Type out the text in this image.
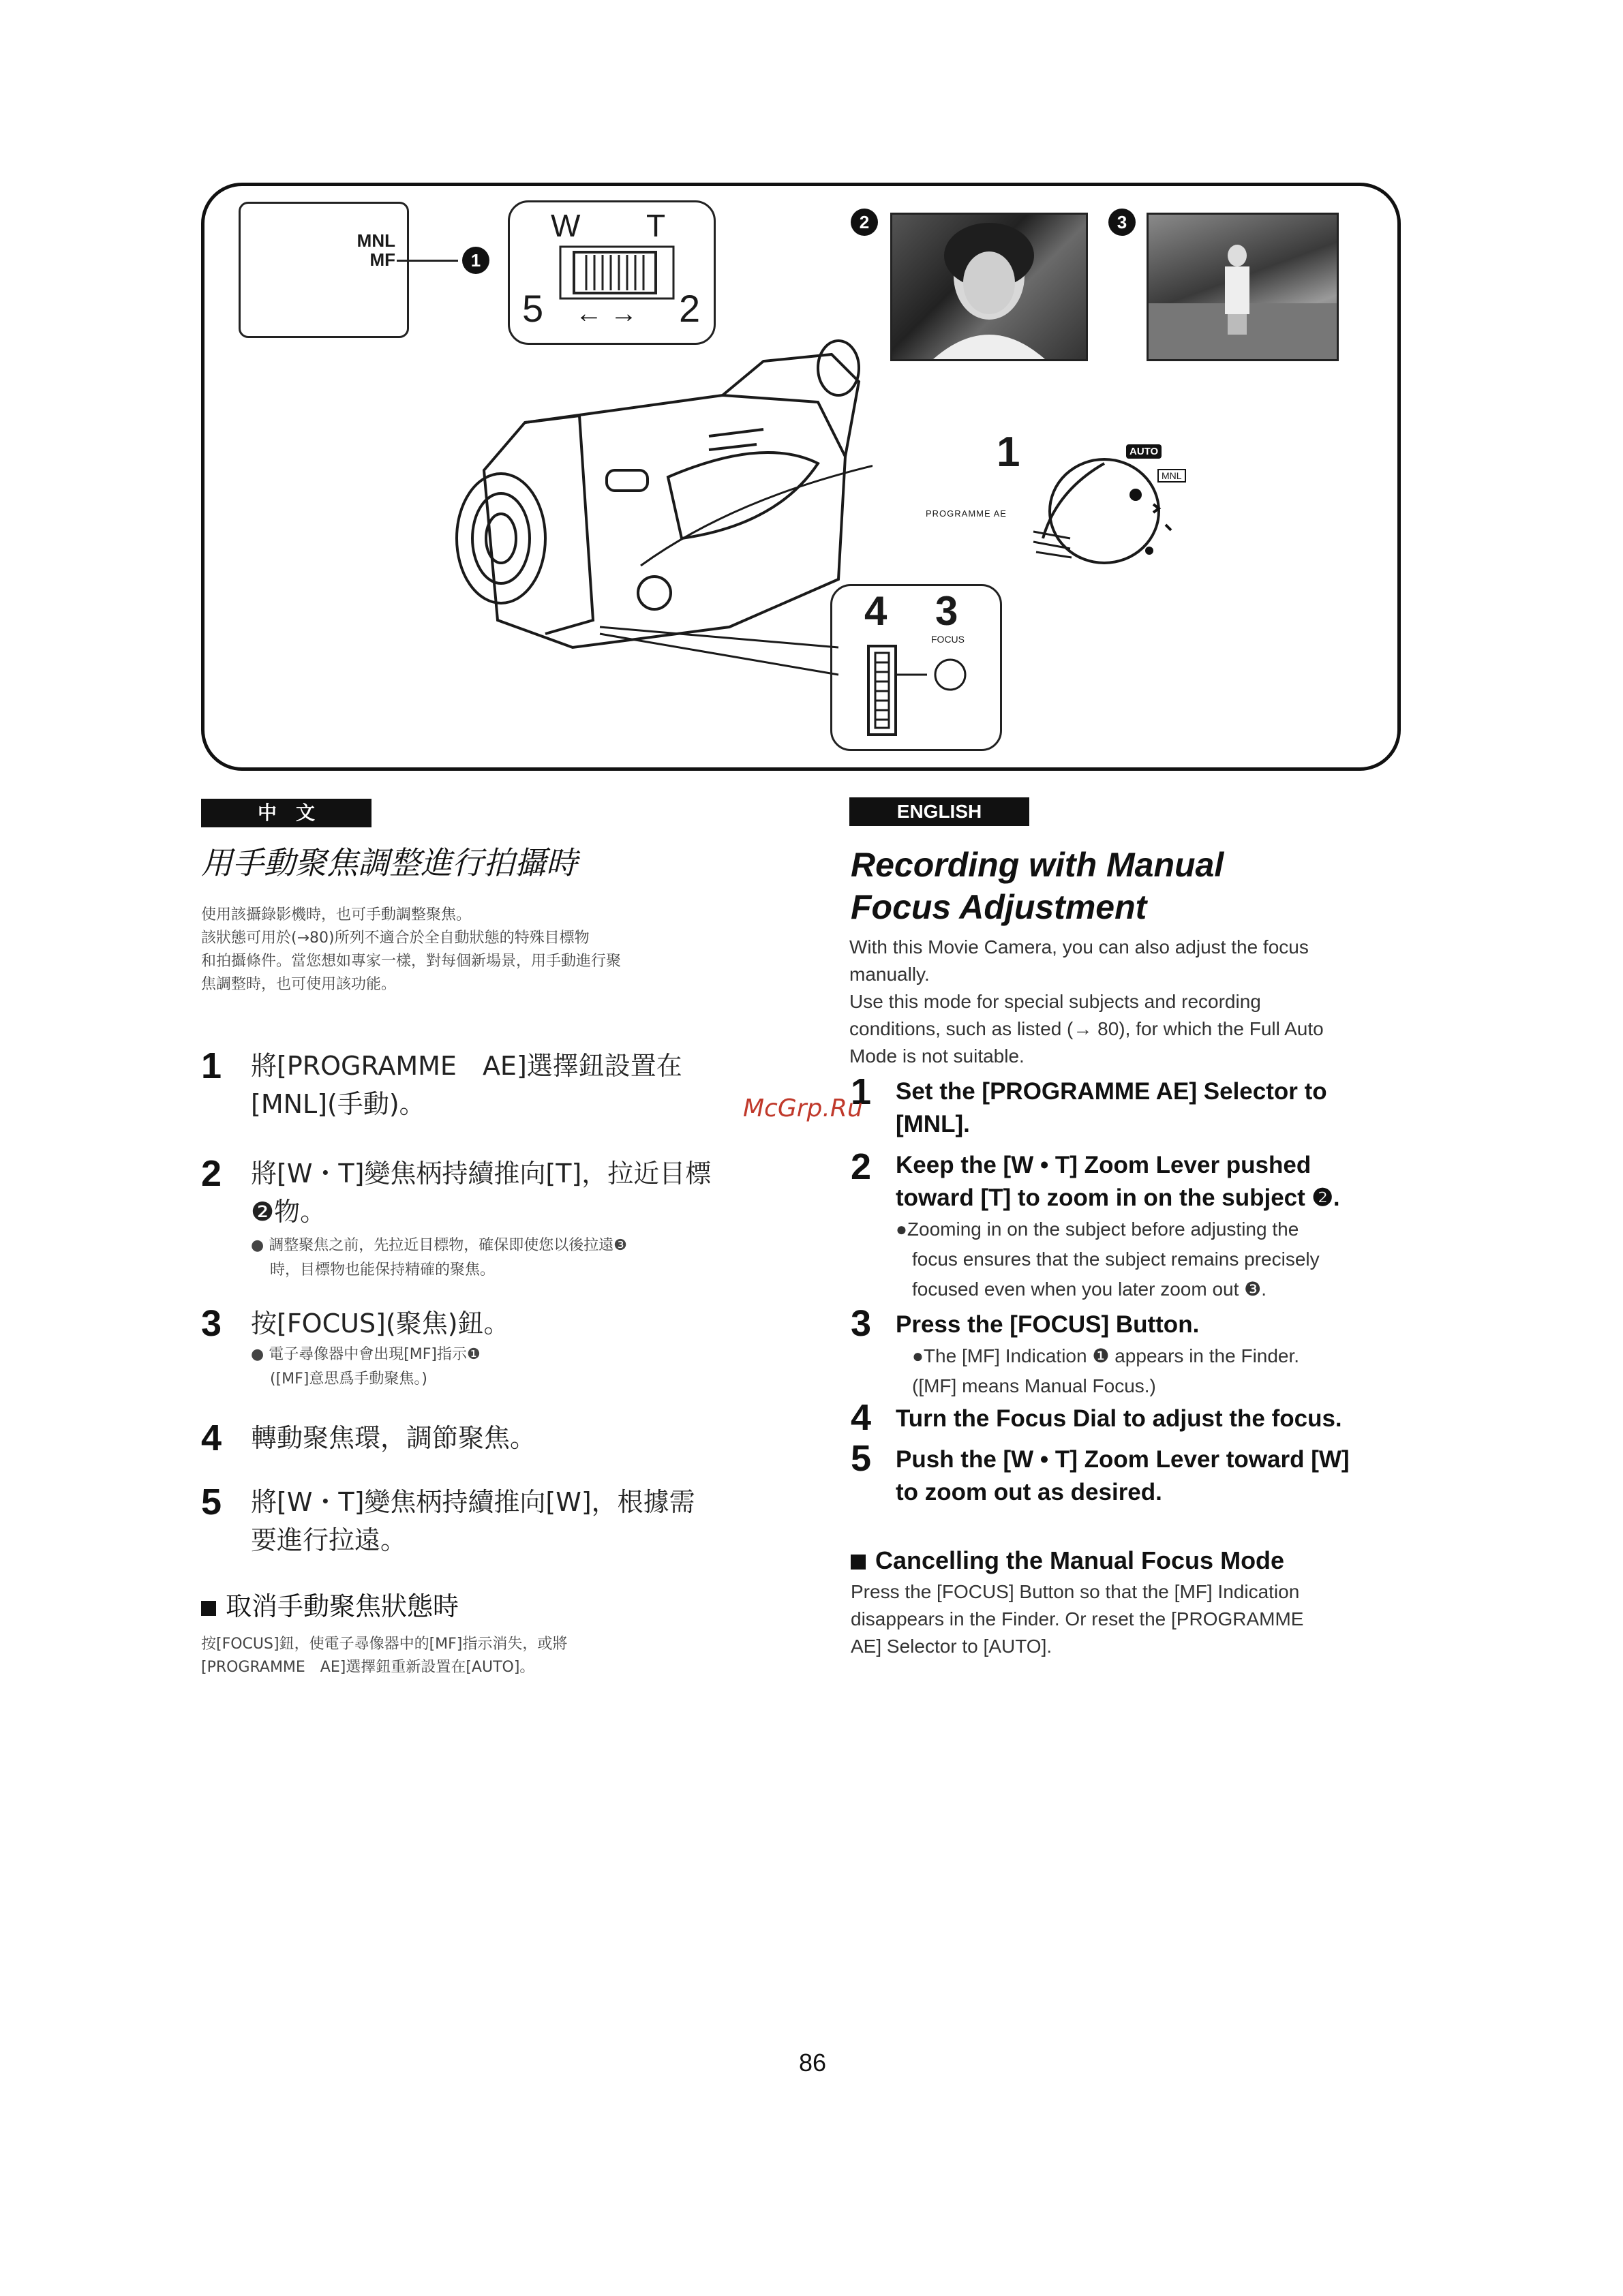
MNL
MF	1
W T
5 ← → 2
2	3
1
PROGRAMME AE
AUTO
MNL
4 3
FOCUS
中　文
用手動聚焦調整進行拍攝時
使用該攝錄影機時，也可手動調整聚焦。
該狀態可用於(→80)所列不適合於全自動狀態的特殊目標物
和拍攝條件。當您想如專家一樣，對每個新場景，用手動進行聚
焦調整時，也可使用該功能。
1 將[PROGRAMME　AE]選擇鈕設置在
[MNL](手動)。
2 將[W・T]變焦柄持續推向[T]，拉近目標
❷物。
● 調整聚焦之前，先拉近目標物，確保即使您以後拉遠❸
時，目標物也能保持精確的聚焦。
3 按[FOCUS](聚焦)鈕。
● 電子尋像器中會出現[MF]指示❶
([MF]意思爲手動聚焦。)
4 轉動聚焦環，調節聚焦。
5 將[W・T]變焦柄持續推向[W]，根據需
要進行拉遠。
取消手動聚焦狀態時
按[FOCUS]鈕，使電子尋像器中的[MF]指示消失，或將
[PROGRAMME　AE]選擇鈕重新設置在[AUTO]。
ENGLISH
Recording with Manual
Focus Adjustment
With this Movie Camera, you can also adjust the focus
manually.
Use this mode for special subjects and recording
conditions, such as listed (→ 80), for which the Full Auto
Mode is not suitable.
1 Set the [PROGRAMME AE] Selector to
[MNL].
2 Keep the [W • T] Zoom Lever pushed
toward [T] to zoom in on the subject ❷.
●Zooming in on the subject before adjusting the
focus ensures that the subject remains precisely
focused even when you later zoom out ❸.
3 Press the [FOCUS] Button.
●The [MF] Indication ❶ appears in the Finder.
([MF] means Manual Focus.)
4 Turn the Focus Dial to adjust the focus.
5 Push the [W • T] Zoom Lever toward [W]
to zoom out as desired.
Cancelling the Manual Focus Mode
Press the [FOCUS] Button so that the [MF] Indication
disappears in the Finder. Or reset the [PROGRAMME
AE] Selector to [AUTO].
McGrp.Ru
86
